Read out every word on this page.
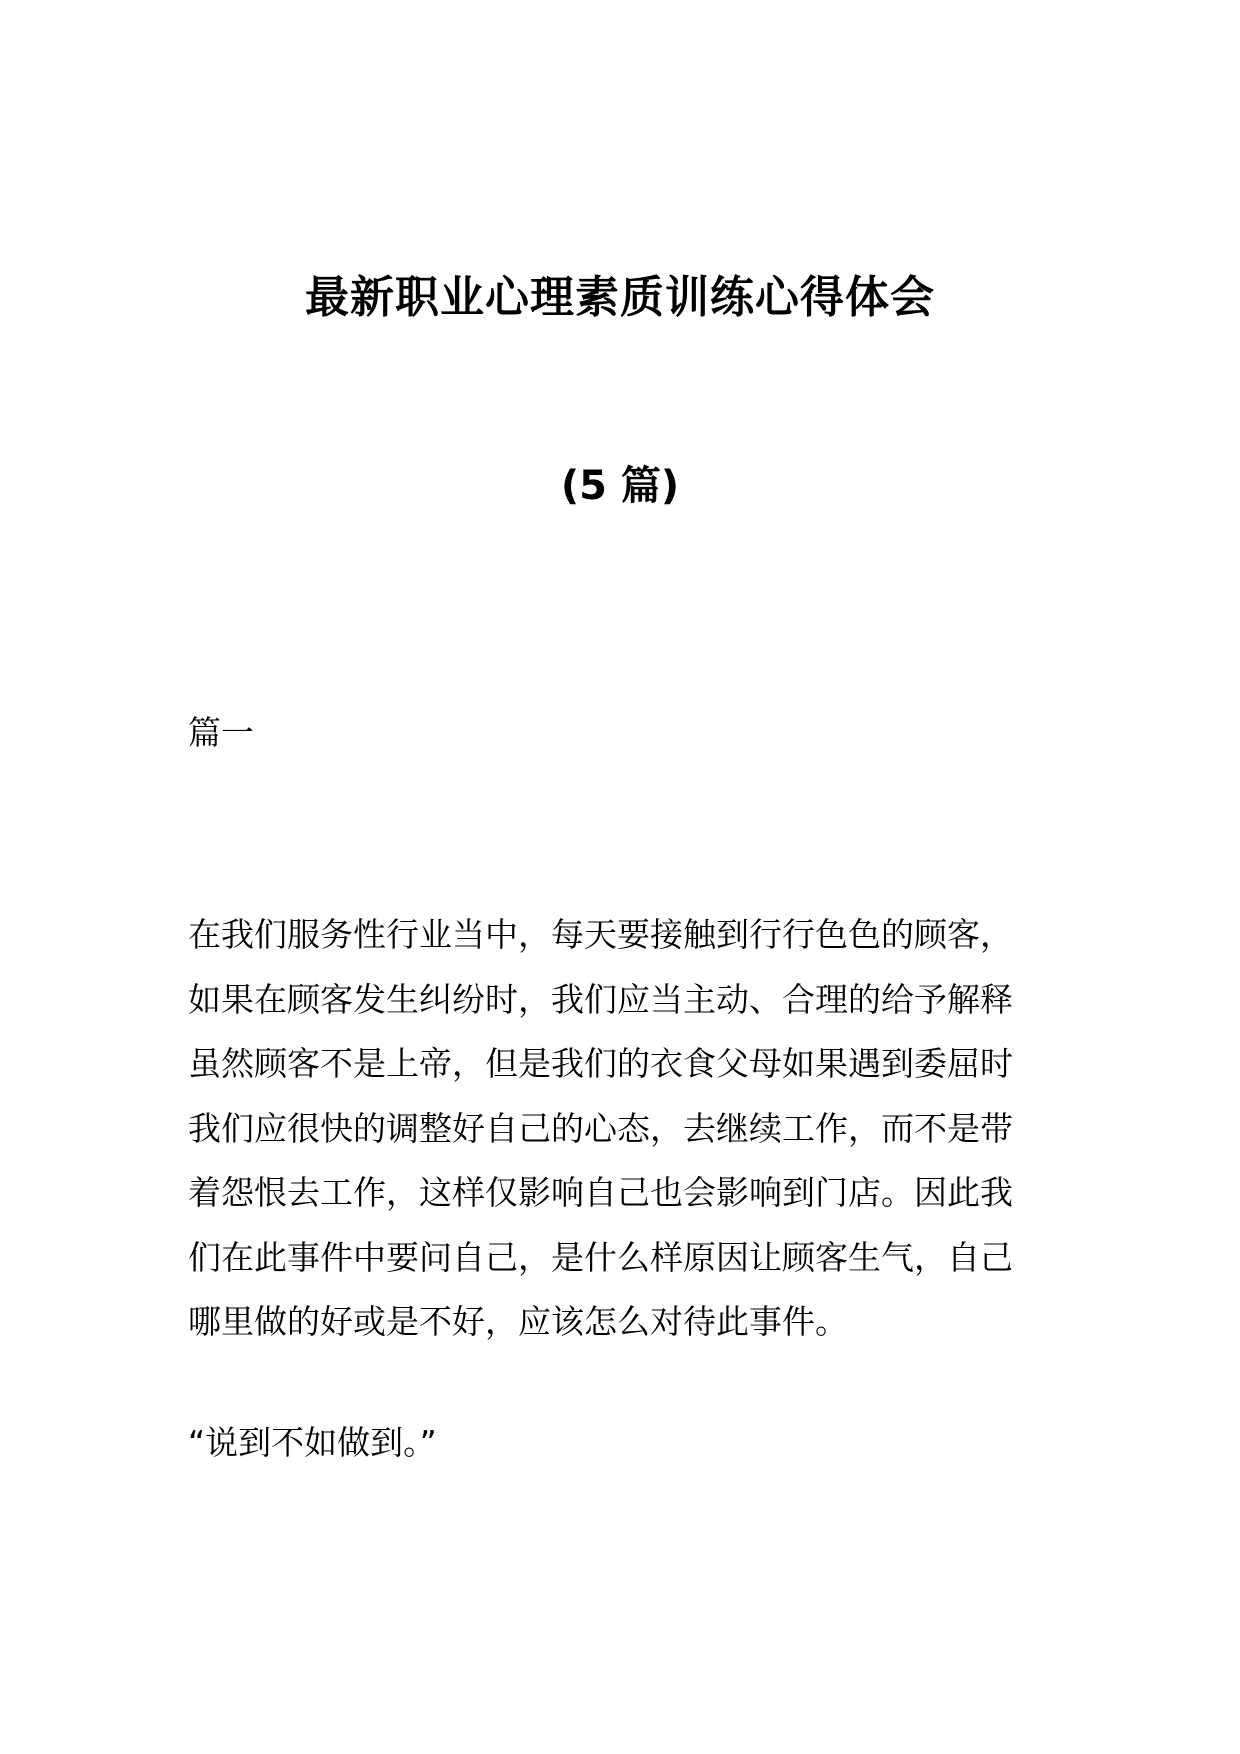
最新职业心理素质训练心得体会
(5 篇)
篇一
在我们服务性行业当中，每天要接触到行行色色的顾客，
如果在顾客发生纠纷时，我们应当主动、合理的给予解释
虽然顾客不是上帝，但是我们的衣食父母如果遇到委屈时
我们应很快的调整好自己的心态，去继续工作，而不是带
着怨恨去工作，这样仅影响自己也会影响到门店。因此我
们在此事件中要问自己，是什么样原因让顾客生气，自己
哪里做的好或是不好，应该怎么对待此事件。
“说到不如做到。”
